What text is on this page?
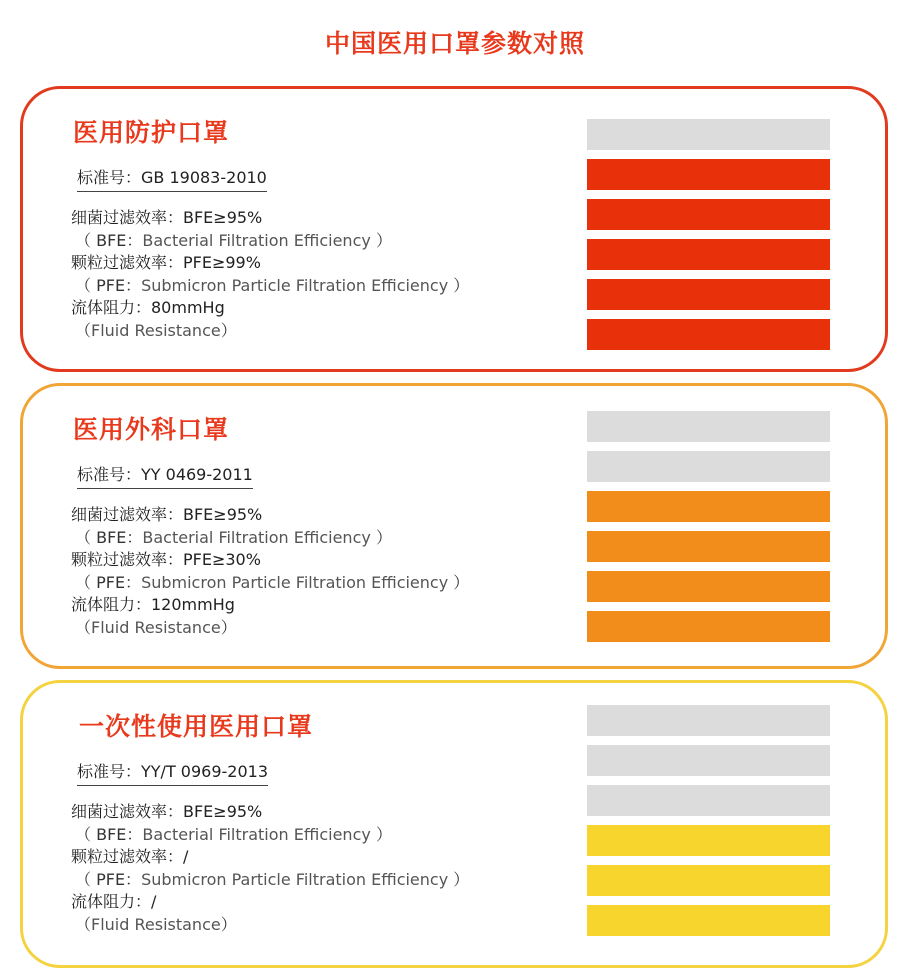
中国医用口罩参数对照
医用防护口罩
标准号：GB 19083-2010
细菌过滤效率：BFE≥95%
（ BFE：Bacterial Filtration Efficiency ）
颗粒过滤效率：PFE≥99%
（ PFE：Submicron Particle Filtration Efficiency ）
流体阻力：80mmHg
（Fluid Resistance）
医用外科口罩
标准号：YY 0469-2011
细菌过滤效率：BFE≥95%
（ BFE：Bacterial Filtration Efficiency ）
颗粒过滤效率：PFE≥30%
（ PFE：Submicron Particle Filtration Efficiency ）
流体阻力：120mmHg
（Fluid Resistance）
一次性使用医用口罩
标准号：YY/T 0969-2013
细菌过滤效率：BFE≥95%
（ BFE：Bacterial Filtration Efficiency ）
颗粒过滤效率：/
（ PFE：Submicron Particle Filtration Efficiency ）
流体阻力：/
（Fluid Resistance）
